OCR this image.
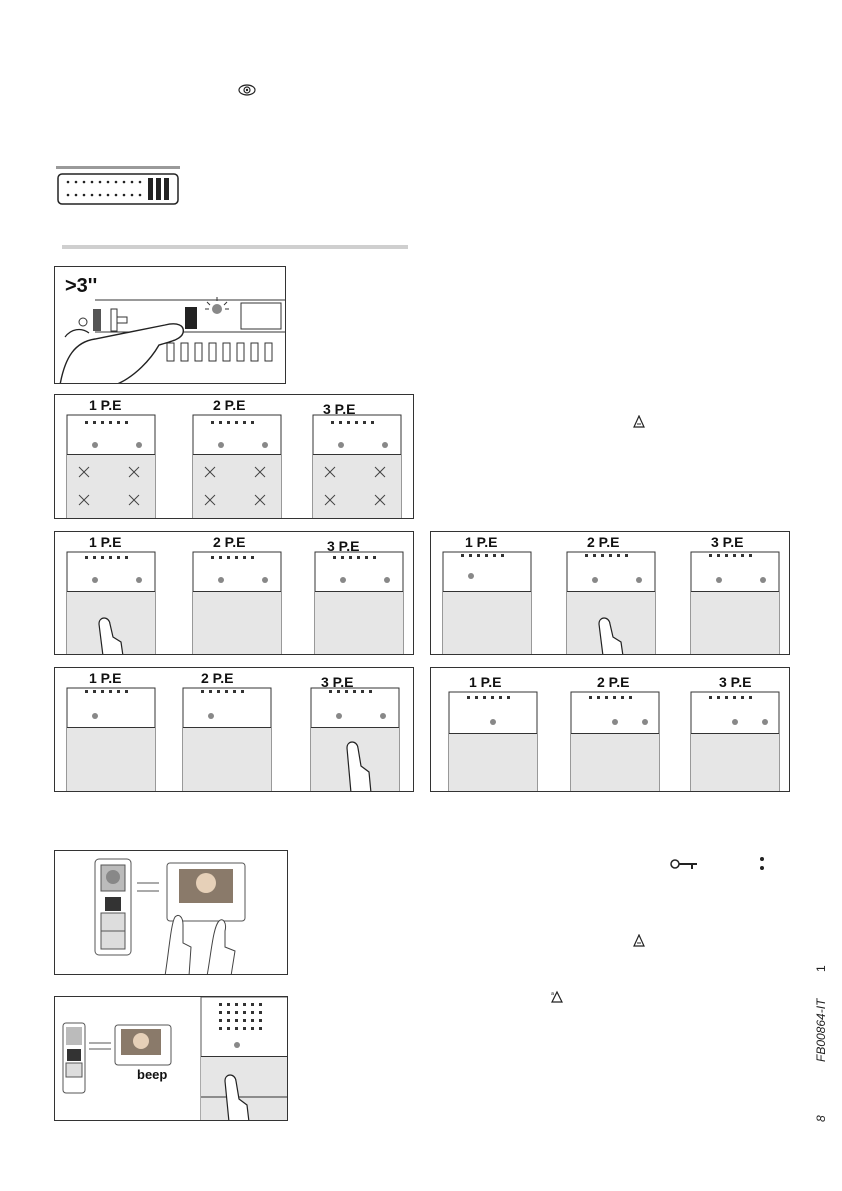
>3''
1 P.E	2 P.E	3 P.E
1 P.E	2 P.E	3 P.E	1 P.E	2 P.E	3 P.E
1 P.E	2 P.E	3 P.E	1 P.E	2 P.E	3 P.E
a
beep
1
FB00864-IT
8
